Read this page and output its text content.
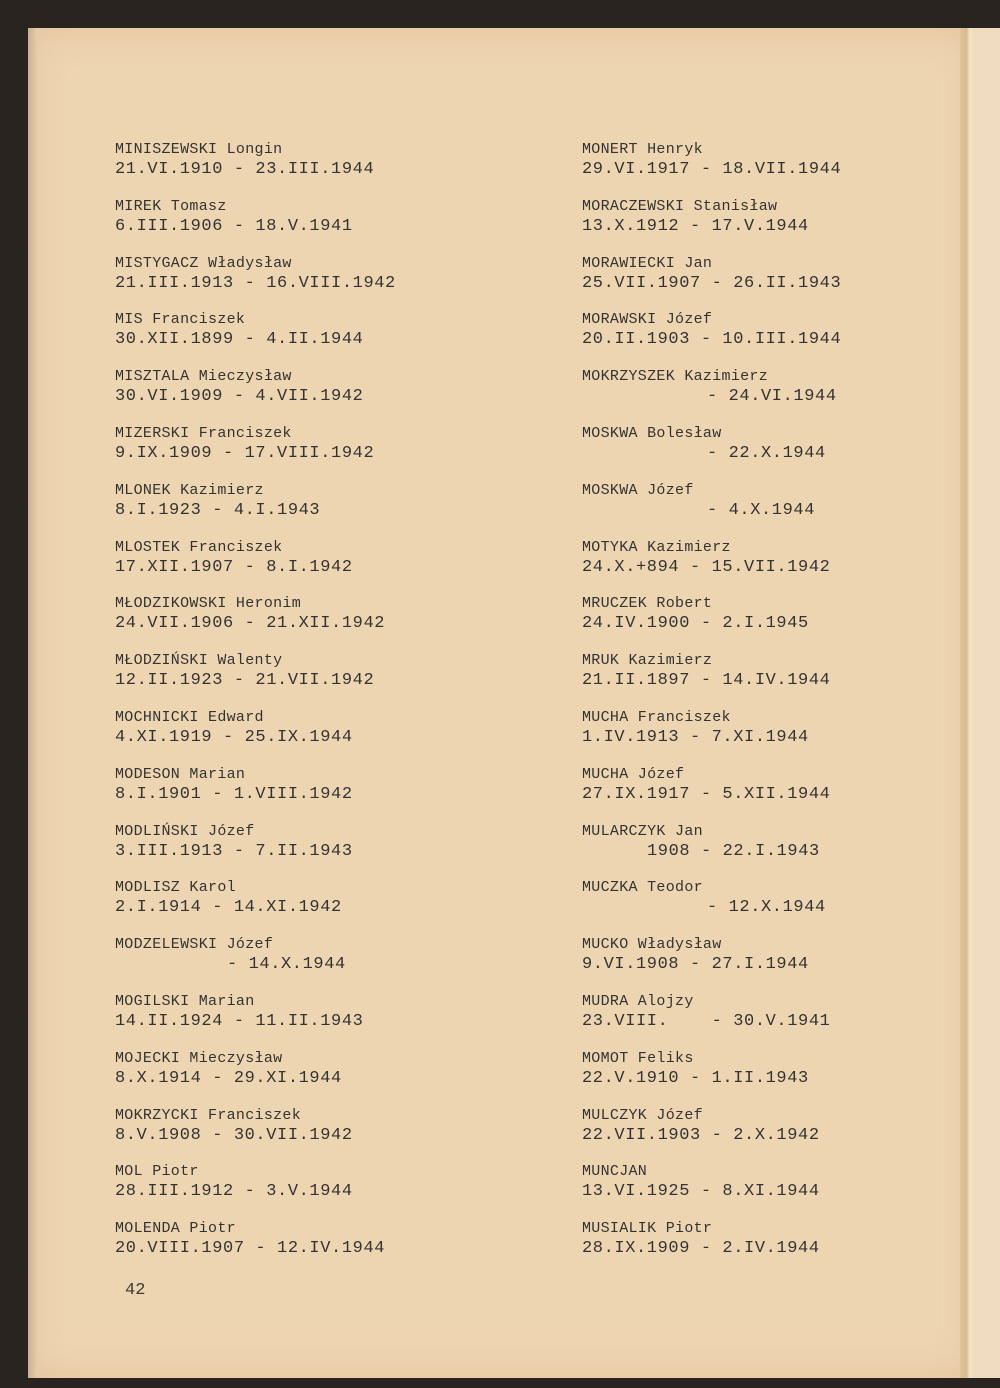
MINISZEWSKI Longin
21.VI.1910 - 23.III.1944
MIREK Tomasz
6.III.1906 - 18.V.1941
MISTYGACZ Władysław
21.III.1913 - 16.VIII.1942
MIS Franciszek
30.XII.1899 - 4.II.1944
MISZTALA Mieczysław
30.VI.1909 - 4.VII.1942
MIZERSKI Franciszek
9.IX.1909 - 17.VIII.1942
MLONEK Kazimierz
8.I.1923 - 4.I.1943
MLOSTEK Franciszek
17.XII.1907 - 8.I.1942
MŁODZIKOWSKI Heronim
24.VII.1906 - 21.XII.1942
MŁODZIŃSKI Walenty
12.II.1923 - 21.VII.1942
MOCHNICKI Edward
4.XI.1919 - 25.IX.1944
MODESON Marian
8.I.1901 - 1.VIII.1942
MODLIŃSKI Józef
3.III.1913 - 7.II.1943
MODLISZ Karol
2.I.1914 - 14.XI.1942
MODZELEWSKI Józef
- 14.X.1944
MOGILSKI Marian
14.II.1924 - 11.II.1943
MOJECKI Mieczysław
8.X.1914 - 29.XI.1944
MOKRZYCKI Franciszek
8.V.1908 - 30.VII.1942
MOL Piotr
28.III.1912 - 3.V.1944
MOLENDA Piotr
20.VIII.1907 - 12.IV.1944
MONERT Henryk
29.VI.1917 - 18.VII.1944
MORACZEWSKI Stanisław
13.X.1912 - 17.V.1944
MORAWIECKI Jan
25.VII.1907 - 26.II.1943
MORAWSKI Józef
20.II.1903 - 10.III.1944
MOKRZYSZEK Kazimierz
- 24.VI.1944
MOSKWA Bolesław
- 22.X.1944
MOSKWA Józef
- 4.X.1944
MOTYKA Kazimierz
24.X.+894 - 15.VII.1942
MRUCZEK Robert
24.IV.1900 - 2.I.1945
MRUK Kazimierz
21.II.1897 - 14.IV.1944
MUCHA Franciszek
1.IV.1913 - 7.XI.1944
MUCHA Józef
27.IX.1917 - 5.XII.1944
MULARCZYK Jan
1908 - 22.I.1943
MUCZKA Teodor
- 12.X.1944
MUCKO Władysław
9.VI.1908 - 27.I.1944
MUDRA Alojzy
23.VIII.    - 30.V.1941
MOMOT Feliks
22.V.1910 - 1.II.1943
MULCZYK Józef
22.VII.1903 - 2.X.1942
MUNCJAN
13.VI.1925 - 8.XI.1944
MUSIALIK Piotr
28.IX.1909 - 2.IV.1944
42
